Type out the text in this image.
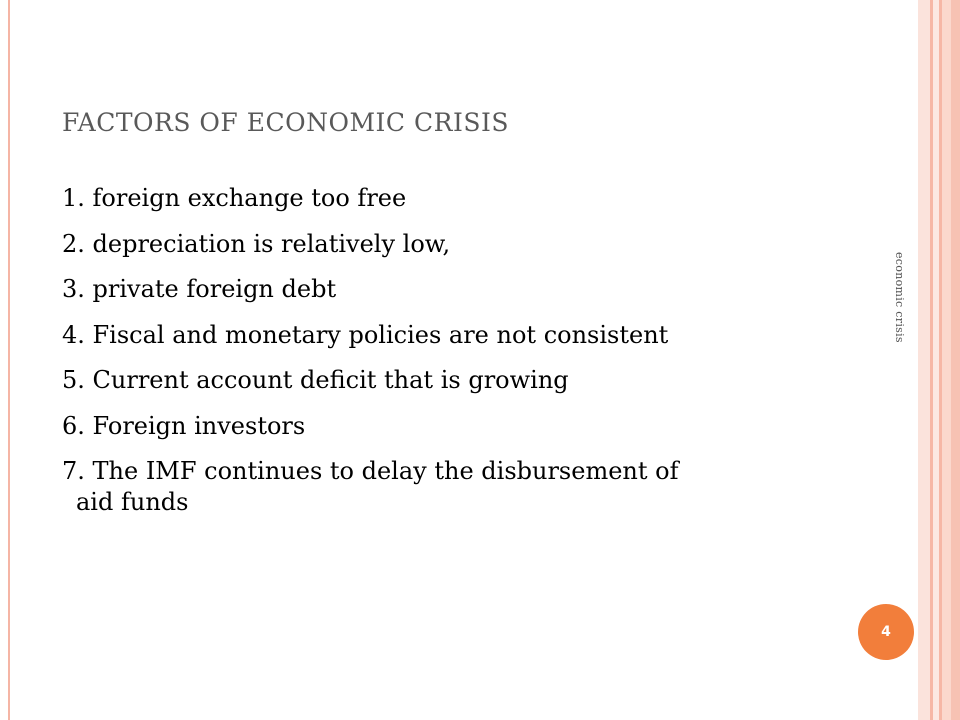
FACTORS OF ECONOMIC CRISIS
1. foreign exchange too free
2. depreciation is relatively low,
3. private foreign debt
4. Fiscal and monetary policies are not consistent
5. Current account deficit that is growing
6. Foreign investors
7. The IMF continues to delay the disbursement of
aid funds
economic crisis
4
